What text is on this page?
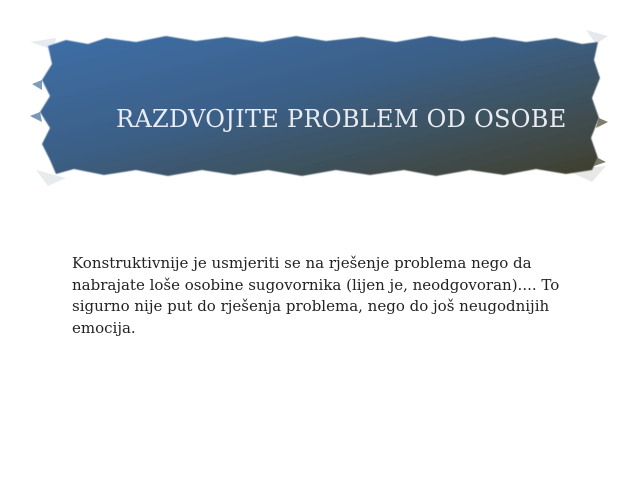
RAZDVOJITE PROBLEM OD OSOBE

Konstruktivnije je usmjeriti se na rješenje problema nego da nabrajate loše osobine sugovornika (lijen je, neodgovoran).... To sigurno nije put do rješenja problema, nego do još neugodnijih emocija.
